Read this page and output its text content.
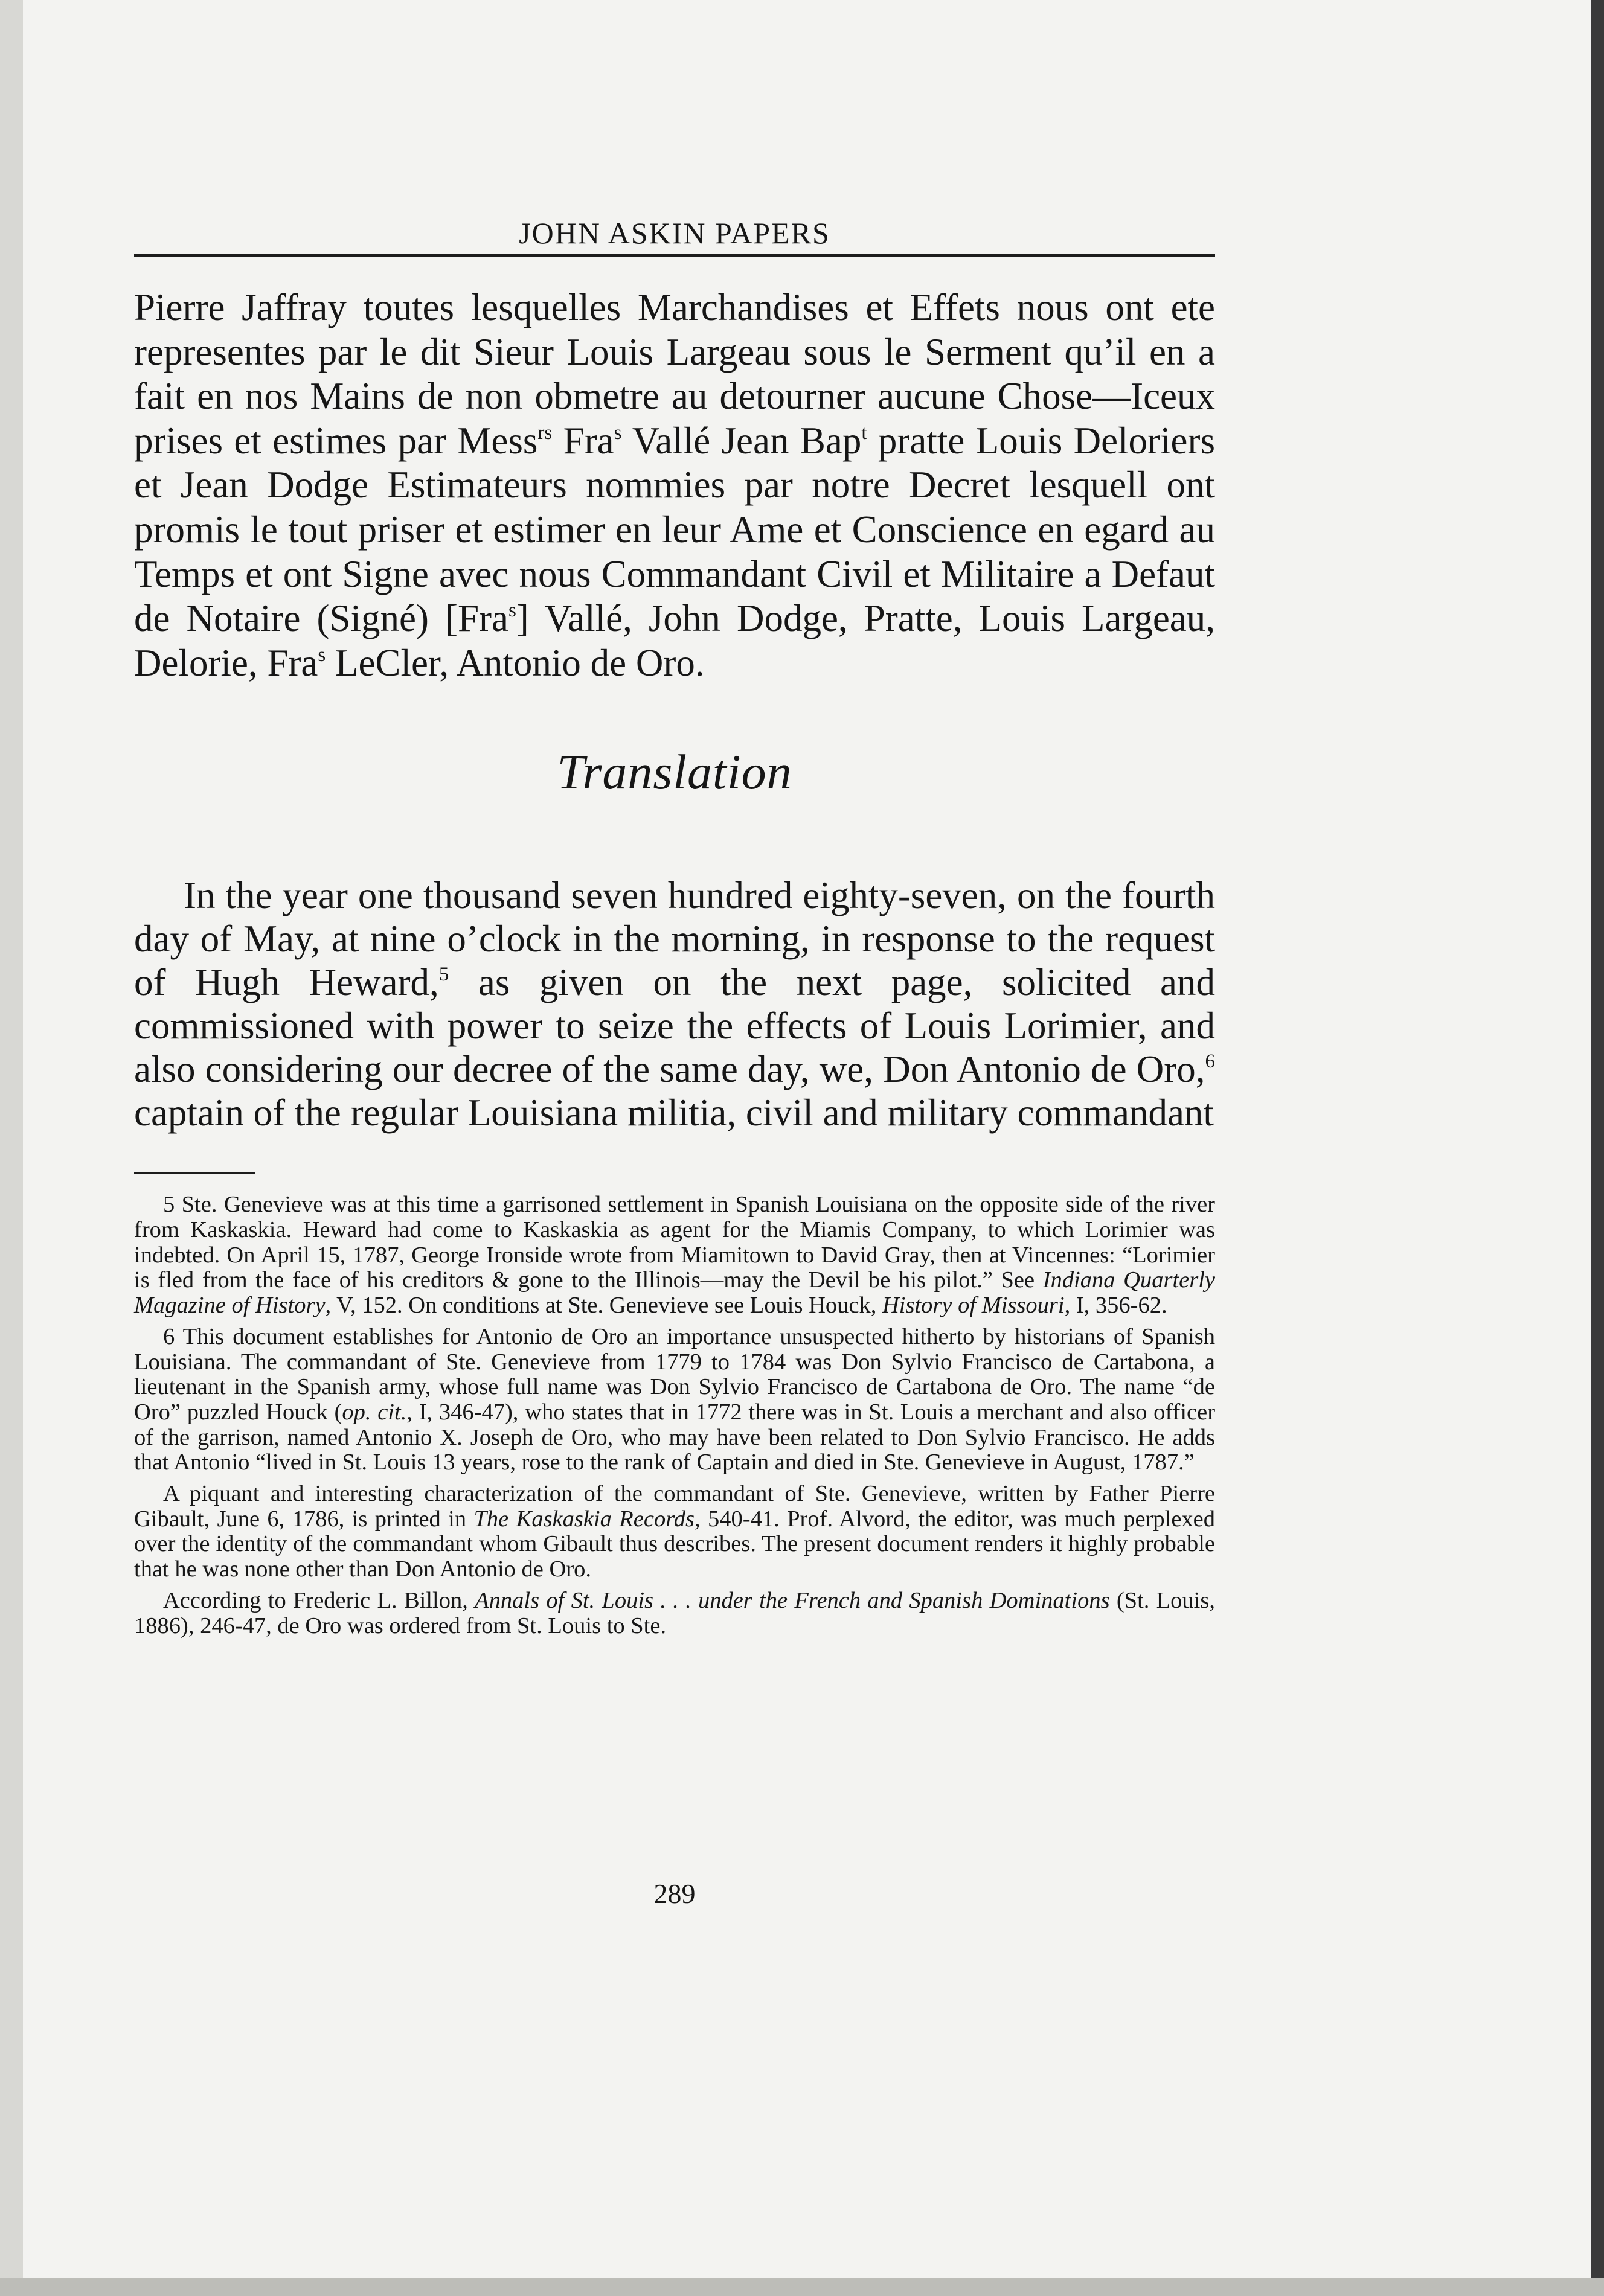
JOHN ASKIN PAPERS

Pierre Jaffray toutes lesquelles Marchandises et Effets nous ont ete representes par le dit Sieur Louis Largeau sous le Serment qu’il en a fait en nos Mains de non obmetre au detourner aucune Chose—Iceux prises et estimes par Mess$^{rs}$ Fra$^s$ Vallé Jean Bap$^t$ pratte Louis Deloriers et Jean Dodge Estimateurs nommies par notre Decret lesquell ont promis le tout priser et estimer en leur Ame et Conscience en egard au Temps et ont Signe avec nous Commandant Civil et Militaire a Defaut de Notaire (Signé) [Fra$^s$] Vallé, John Dodge, Pratte, Louis Largeau, Delorie, Fra$^s$ LeCler, Antonio de Oro.

Translation

In the year one thousand seven hundred eighty-seven, on the fourth day of May, at nine o’clock in the morning, in response to the request of Hugh Heward,$^5$ as given on the next page, solicited and commissioned with power to seize the effects of Louis Lorimier, and also considering our decree of the same day, we, Don Antonio de Oro,$^6$ captain of the regular Louisiana militia, civil and military commandant

5 Ste. Genevieve was at this time a garrisoned settlement in Spanish Louisiana on the opposite side of the river from Kaskaskia. Heward had come to Kaskaskia as agent for the Miamis Company, to which Lorimier was indebted. On April 15, 1787, George Ironside wrote from Miamitown to David Gray, then at Vincennes: “Lorimier is fled from the face of his creditors & gone to the Illinois—may the Devil be his pilot.” See Indiana Quarterly Magazine of History, V, 152. On conditions at Ste. Genevieve see Louis Houck, History of Missouri, I, 356-62.

6 This document establishes for Antonio de Oro an importance unsuspected hitherto by historians of Spanish Louisiana. The commandant of Ste. Genevieve from 1779 to 1784 was Don Sylvio Francisco de Cartabona, a lieutenant in the Spanish army, whose full name was Don Sylvio Francisco de Cartabona de Oro. The name “de Oro” puzzled Houck (op. cit., I, 346-47), who states that in 1772 there was in St. Louis a merchant and also officer of the garrison, named Antonio X. Joseph de Oro, who may have been related to Don Sylvio Francisco. He adds that Antonio “lived in St. Louis 13 years, rose to the rank of Captain and died in Ste. Genevieve in August, 1787.”

A piquant and interesting characterization of the commandant of Ste. Genevieve, written by Father Pierre Gibault, June 6, 1786, is printed in The Kaskaskia Records, 540-41. Prof. Alvord, the editor, was much perplexed over the identity of the commandant whom Gibault thus describes. The present document renders it highly probable that he was none other than Don Antonio de Oro.

According to Frederic L. Billon, Annals of St. Louis . . . under the French and Spanish Dominations (St. Louis, 1886), 246-47, de Oro was ordered from St. Louis to Ste.

289
